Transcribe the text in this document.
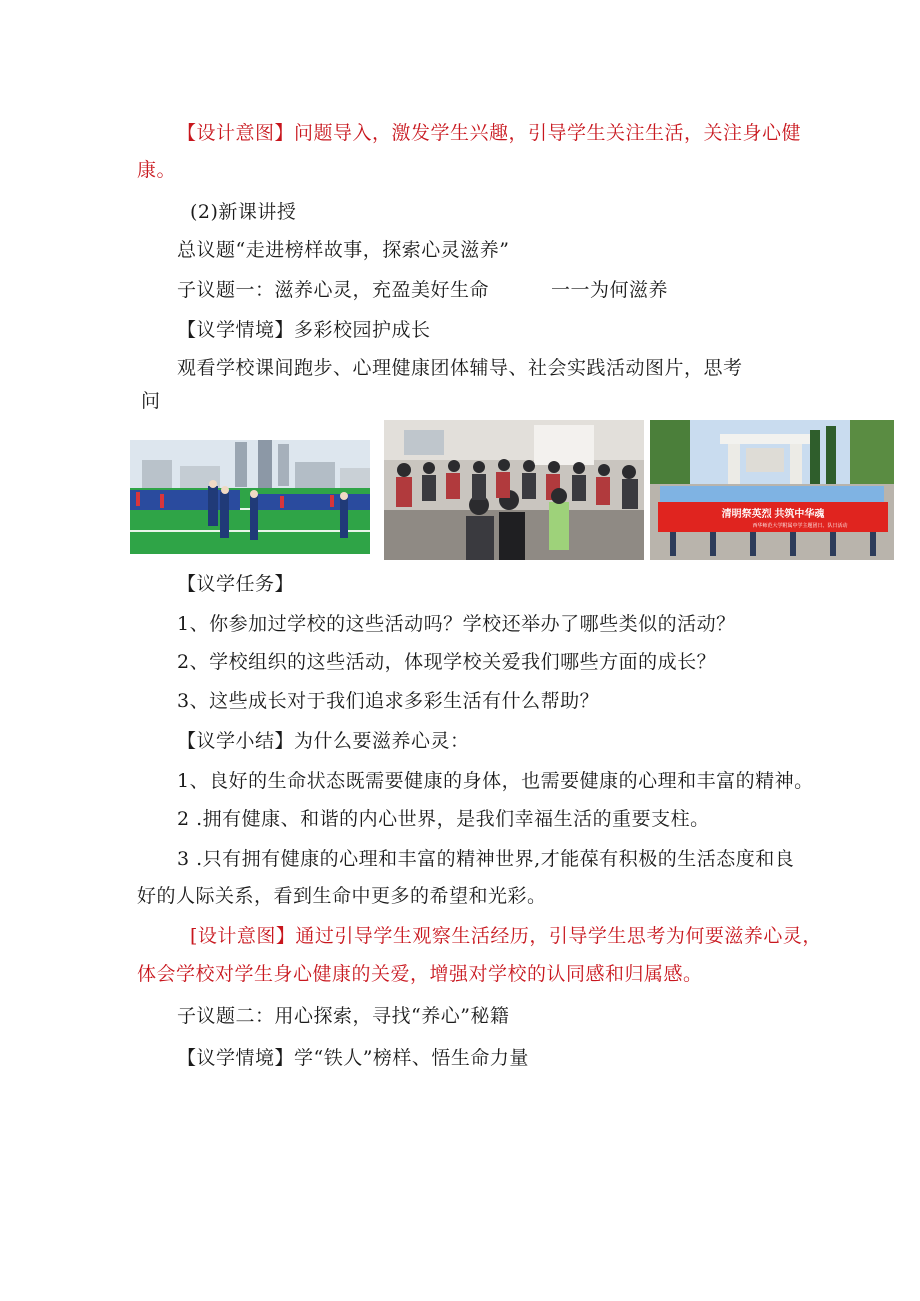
【设计意图】问题导入，激发学生兴趣，引导学生关注生活，关注身心健
康。
(2)新课讲授
总议题“走进榜样故事，探索心灵滋养”
子议题一：滋养心灵，充盈美好生命	一一为何滋养
【议学情境】多彩校园护成长
观看学校课间跑步、心理健康团体辅导、社会实践活动图片，思考
问
清明祭英烈 共筑中华魂
西华师范大学附属中学主题团日、队日活动
【议学任务】
1、你参加过学校的这些活动吗？学校还举办了哪些类似的活动？
2、学校组织的这些活动，体现学校关爱我们哪些方面的成长？
3、这些成长对于我们追求多彩生活有什么帮助？
【议学小结】为什么要滋养心灵：
1、良好的生命状态既需要健康的身体，也需要健康的心理和丰富的精神。
2 .拥有健康、和谐的内心世界，是我们幸福生活的重要支柱。
3 .只有拥有健康的心理和丰富的精神世界,才能葆有积极的生活态度和良
好的人际关系，看到生命中更多的希望和光彩。
[设计意图】通过引导学生观察生活经历，引导学生思考为何要滋养心灵，
体会学校对学生身心健康的关爱，增强对学校的认同感和归属感。
子议题二：用心探索，寻找“养心”秘籍
【议学情境】学“铁人”榜样、悟生命力量
